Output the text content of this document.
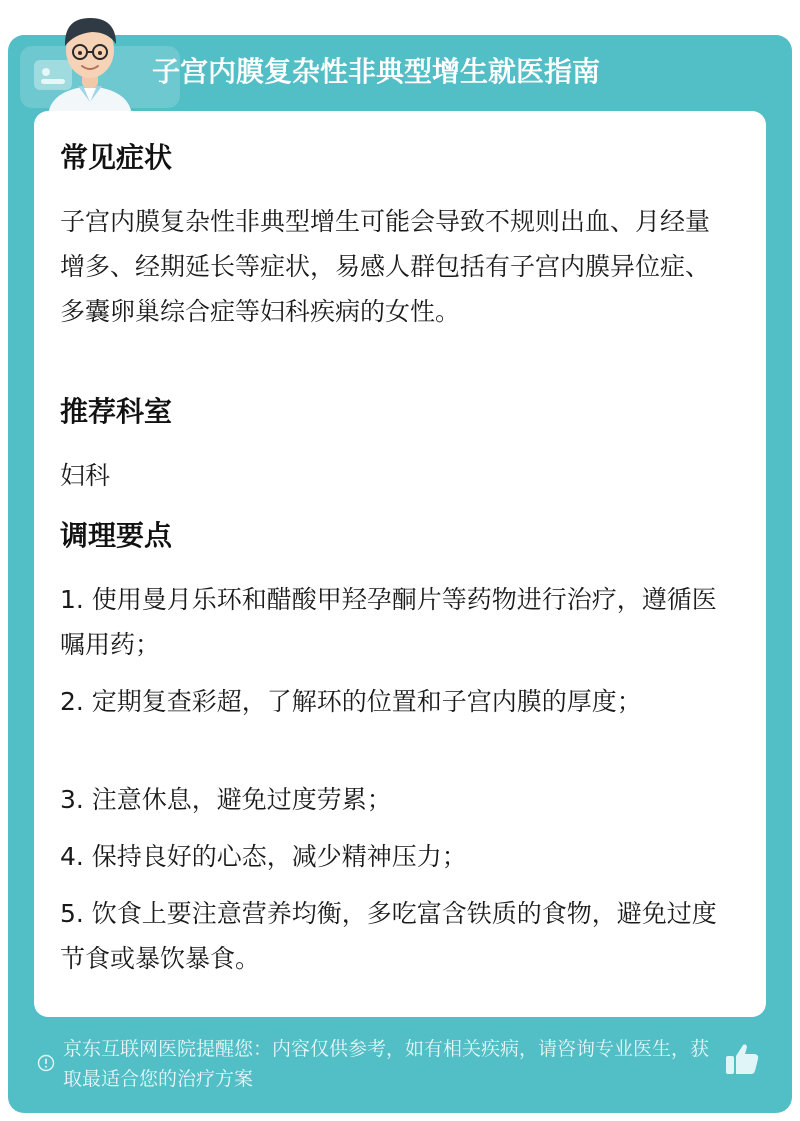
子宫内膜复杂性非典型增生就医指南
常见症状

子宫内膜复杂性非典型增生可能会导致不规则出血、月经量增多、经期延长等症状，易感人群包括有子宫内膜异位症、多囊卵巢综合症等妇科疾病的女性。

推荐科室

妇科

调理要点

1. 使用曼月乐环和醋酸甲羟孕酮片等药物进行治疗，遵循医嘱用药；

2. 定期复查彩超，了解环的位置和子宫内膜的厚度；

3. 注意休息，避免过度劳累；

4. 保持良好的心态，减少精神压力；

5. 饮食上要注意营养均衡，多吃富含铁质的食物，避免过度节食或暴饮暴食。

京东互联网医院提醒您：内容仅供参考，如有相关疾病，请咨询专业医生，获取最适合您的治疗方案
